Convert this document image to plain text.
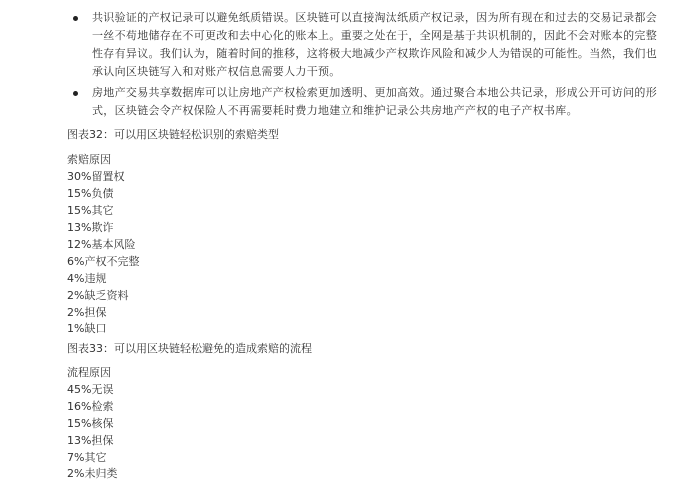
共识验证的产权记录可以避免纸质错误。区块链可以直接淘汰纸质产权记录，因为所有现在和过去的交易记录都会
一丝不苟地储存在不可更改和去中心化的账本上。重要之处在于，全网是基于共识机制的，因此不会对账本的完整
性存有异议。我们认为，随着时间的推移，这将极大地减少产权欺诈风险和减少人为错误的可能性。当然，我们也
承认向区块链写入和对账产权信息需要人力干预。
房地产交易共享数据库可以让房地产产权检索更加透明、更加高效。通过聚合本地公共记录，形成公开可访问的形
式，区块链会令产权保险人不再需要耗时费力地建立和维护记录公共房地产产权的电子产权书库。
图表32：可以用区块链轻松识别的索赔类型
索赔原因
30%留置权
15%负债
15%其它
13%欺诈
12%基本风险
6%产权不完整
4%违规
2%缺乏资料
2%担保
1%缺口
图表33：可以用区块链轻松避免的造成索赔的流程
流程原因
45%无误
16%检索
15%核保
13%担保
7%其它
2%未归类
